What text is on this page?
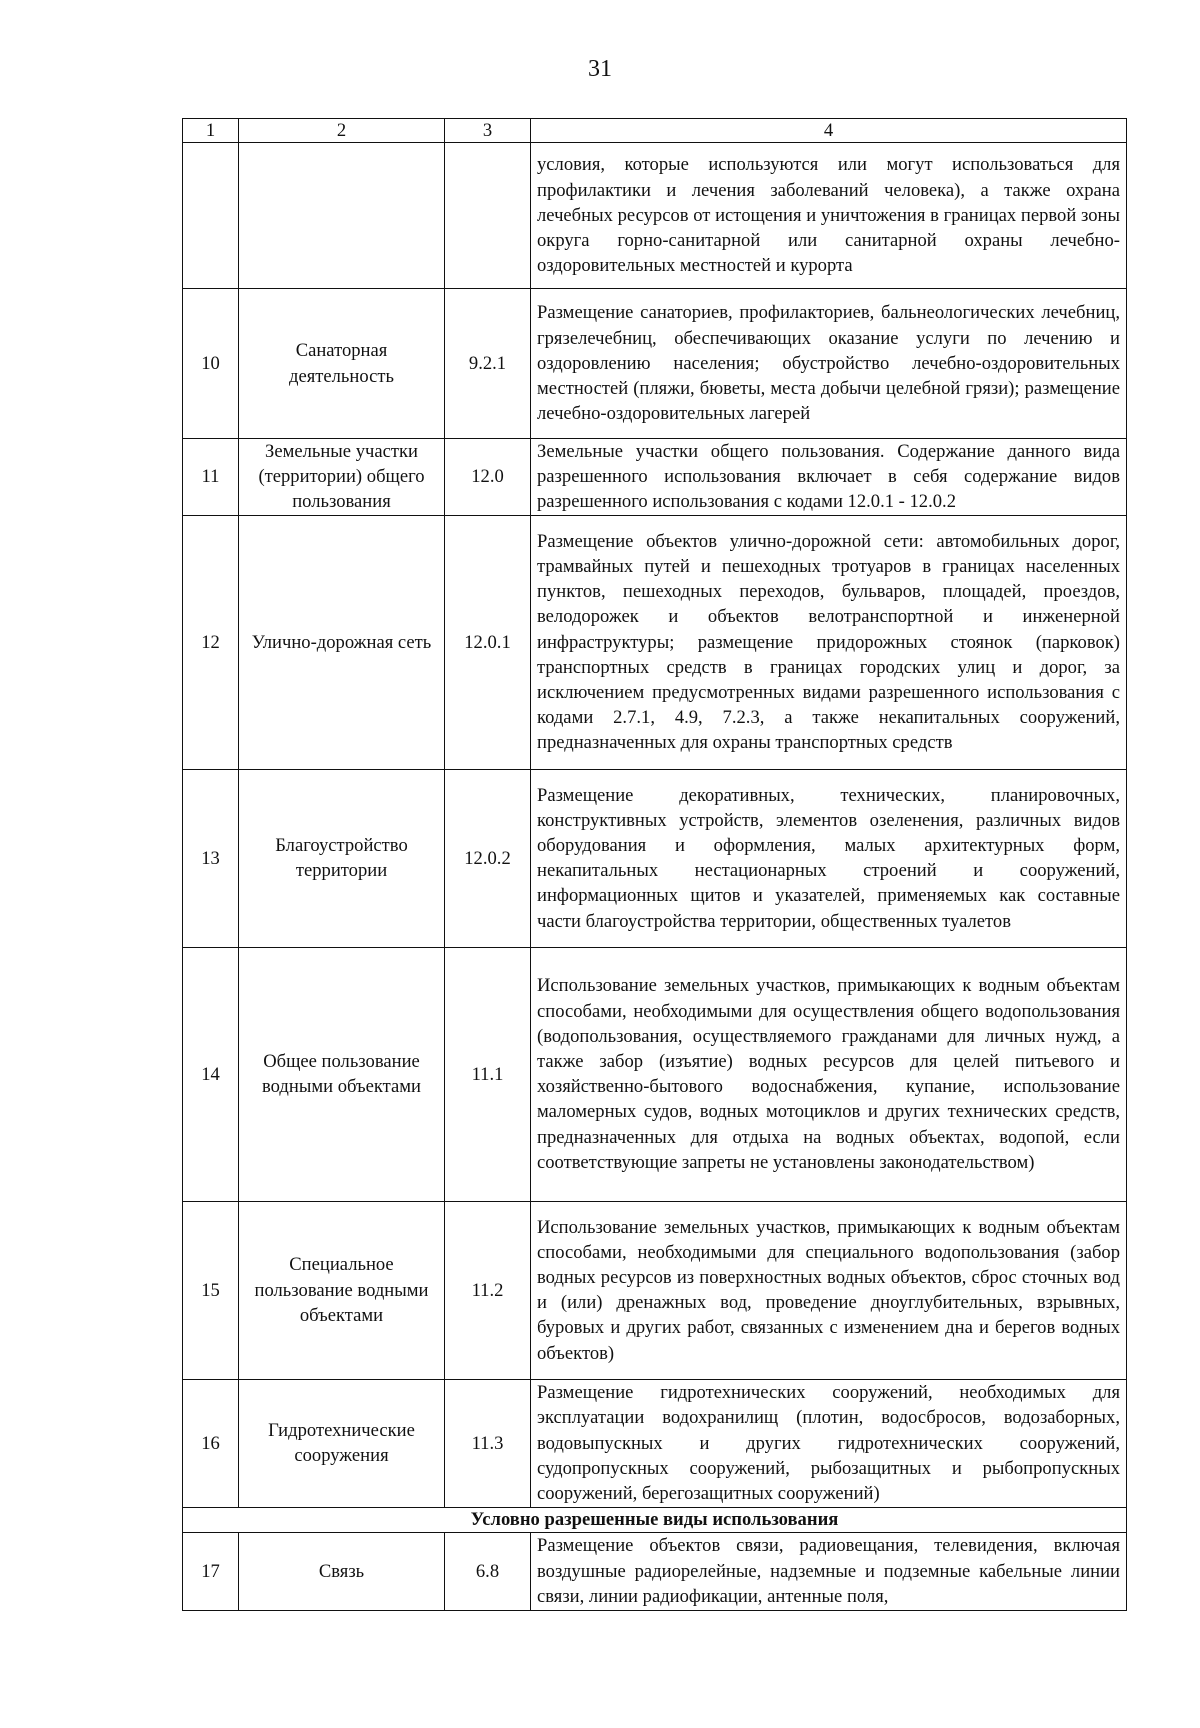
31
1	2	3	4
			условия, которые используются или могут использоваться для профилактики и лечения заболеваний человека), а также охрана лечебных ресурсов от истощения и уничтожения в границах первой зоны округа горно-санитарной или санитарной охраны лечебно-оздоровительных местностей и курорта
10	Санаторная деятельность	9.2.1	Размещение санаториев, профилакториев, бальнеологических лечебниц, грязелечебниц, обеспечивающих оказание услуги по лечению и оздоровлению населения; обустройство лечебно-оздоровительных местностей (пляжи, бюветы, места добычи целебной грязи); размещение лечебно-оздоровительных лагерей
11	Земельные участки (территории) общего пользования	12.0	Земельные участки общего пользования. Содержание данного вида разрешенного использования включает в себя содержание видов разрешенного использования с кодами 12.0.1 - 12.0.2
12	Улично-дорожная сеть	12.0.1	Размещение объектов улично-дорожной сети: автомобильных дорог, трамвайных путей и пешеходных тротуаров в границах населенных пунктов, пешеходных переходов, бульваров, площадей, проездов, велодорожек и объектов велотранспортной и инженерной инфраструктуры; размещение придорожных стоянок (парковок) транспортных средств в границах городских улиц и дорог, за исключением предусмотренных видами разрешенного использования с кодами 2.7.1, 4.9, 7.2.3, а также некапитальных сооружений, предназначенных для охраны транспортных средств
13	Благоустройство территории	12.0.2	Размещение декоративных, технических, планировочных, конструктивных устройств, элементов озеленения, различных видов оборудования и оформления, малых архитектурных форм, некапитальных нестационарных строений и сооружений, информационных щитов и указателей, применяемых как составные части благоустройства территории, общественных туалетов
14	Общее пользование водными объектами	11.1	Использование земельных участков, примыкающих к водным объектам способами, необходимыми для осуществления общего водопользования (водопользования, осуществляемого гражданами для личных нужд, а также забор (изъятие) водных ресурсов для целей питьевого и хозяйственно-бытового водоснабжения, купание, использование маломерных судов, водных мотоциклов и других технических средств, предназначенных для отдыха на водных объектах, водопой, если соответствующие запреты не установлены законодательством)
15	Специальное пользование водными объектами	11.2	Использование земельных участков, примыкающих к водным объектам способами, необходимыми для специального водопользования (забор водных ресурсов из поверхностных водных объектов, сброс сточных вод и (или) дренажных вод, проведение дноуглубительных, взрывных, буровых и других работ, связанных с изменением дна и берегов водных объектов)
16	Гидротехнические сооружения	11.3	Размещение гидротехнических сооружений, необходимых для эксплуатации водохранилищ (плотин, водосбросов, водозаборных, водовыпускных и других гидротехнических сооружений, судопропускных сооружений, рыбозащитных и рыбопропускных сооружений, берегозащитных сооружений)
Условно разрешенные виды использования			
17	Связь	6.8	Размещение объектов связи, радиовещания, телевидения, включая воздушные радиорелейные, надземные и подземные кабельные линии связи, линии радиофикации, антенные поля,
